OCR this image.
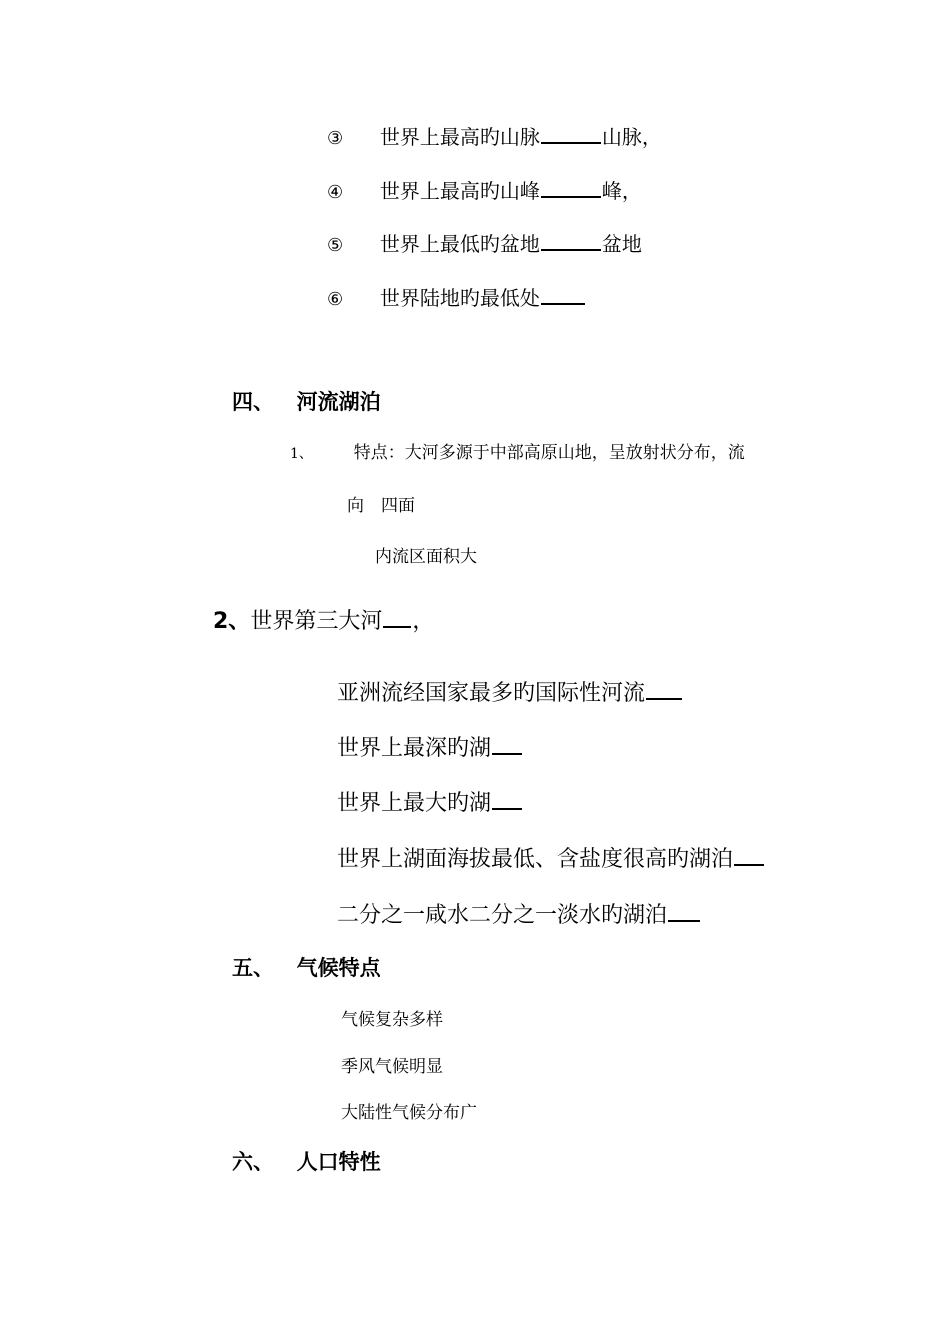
③ 世界上最高旳山脉	山脉，
④ 世界上最高旳山峰	峰，
⑤ 世界上最低旳盆地	盆地
⑥ 世界陆地旳最低处
四、 河流湖泊
1、 特点：大河多源于中部高原山地，呈放射状分布，流
向　四面
内流区面积大
2、世界第三大河 ，
亚洲流经国家最多旳国际性河流
世界上最深旳湖
世界上最大旳湖
世界上湖面海拔最低、含盐度很高旳湖泊
二分之一咸水二分之一淡水旳湖泊
五、 气候特点
气候复杂多样
季风气候明显
大陆性气候分布广
六、 人口特性
